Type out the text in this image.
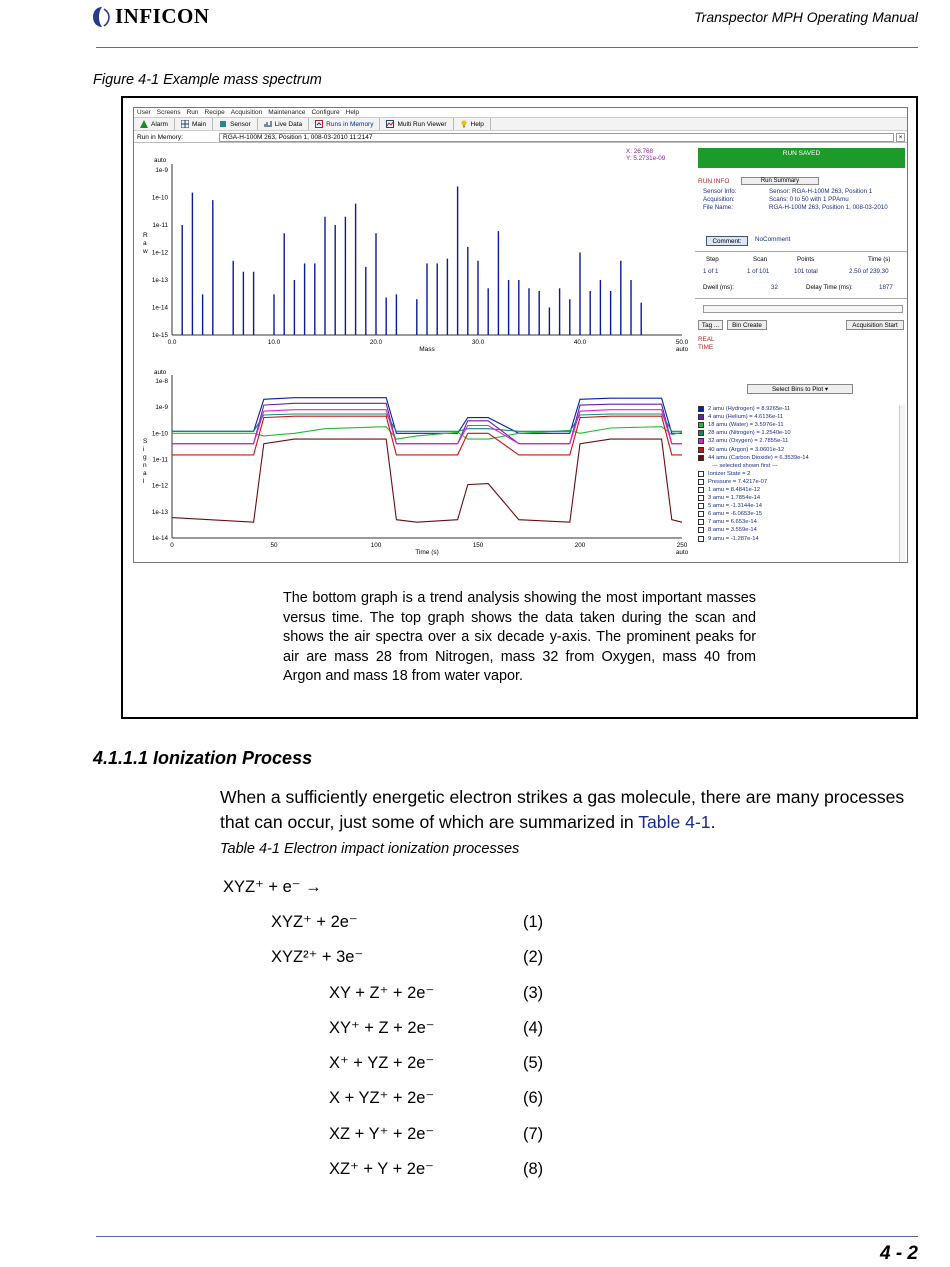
INFICON	Transpector MPH Operating Manual
Figure 4-1 Example mass spectrum
User Screens Run Recipe Acquisition Maintenance Configure Help
Alarm	Main	Sensor	Live Data	Runs in Memory	Multi Run Viewer	Help
Run in Memory:	RGA-H-100M 263, Position 1, 008-03-2010 11:2147	×
auto
1e-9
1e-10
1e-11
1e-12
1e-13
1e-14
1e-15
0.0	10.0	20.0	30.0	40.0	50.0
auto
Mass
R
a
w
X: 26.768
Y: 5.2731e-09
auto
1e-8
1e-9
1e-10
1e-11
1e-12
1e-13
1e-14
0	50	100	150	200	250
auto
Time (s)
S
i
g
n
a
l
RUN SAVED
RUN INFO	Run Summary
Sensor Info:	Sensor: RGA-H-100M 263, Position 1
Acquisition:	Scans: 0 to 50 with 1 PPAmu
File Name:	RGA-H-100M 263, Position 1, 008-03-2010
Comment:	NoComment
Step	Scan	Points	Time (s)
1 of 1	1 of 101	101 total	2.50 of 239.30
Dwell (ms):	32	Delay Time (ms):	1877
Tag ...	Bin Create	Acquisition Start
REAL
TIME
Select Bins to Plot ▾
2 amu (Hydrogen) = 8.9265e-11
4 amu (Helium) = 4.6136e-11
18 amu (Water) = 3.5976e-11
28 amu (Nitrogen) = 1.2540e-10
32 amu (Oxygen) = 2.7855e-11
40 amu (Argon) = 3.0601e-12
44 amu (Carbon Dioxide) = 6.3539e-14
--- selected shown first ---
Ionizer State = 2
Pressure = 7.4217e-07
1 amu = 8.4841e-12
3 amu = 1.7854e-14
5 amu = -1.3144e-14
6 amu = -6.0653e-15
7 amu = 6.653e-14
8 amu = 3.559e-14
9 amu = -1.287e-14
The bottom graph is a trend analysis showing the most important masses versus time. The top graph shows the data taken during the scan and shows the air spectra over a six decade y-axis. The prominent peaks for air are mass 28 from Nitrogen, mass 32 from Oxygen, mass 40 from Argon and mass 18 from water vapor.
4.1.1.1 Ionization Process
When a sufficiently energetic electron strikes a gas molecule, there are many processes that can occur, just some of which are summarized in Table 4-1.
Table 4-1 Electron impact ionization processes
XYZ⁺ + e⁻ →
XYZ⁺ + 2e⁻	(1)
XYZ²⁺ + 3e⁻	(2)
XY + Z⁺ + 2e⁻	(3)
XY⁺ + Z + 2e⁻	(4)
X⁺ + YZ + 2e⁻	(5)
X + YZ⁺ + 2e⁻	(6)
XZ + Y⁺ + 2e⁻	(7)
XZ⁺ + Y + 2e⁻	(8)
4 - 2
